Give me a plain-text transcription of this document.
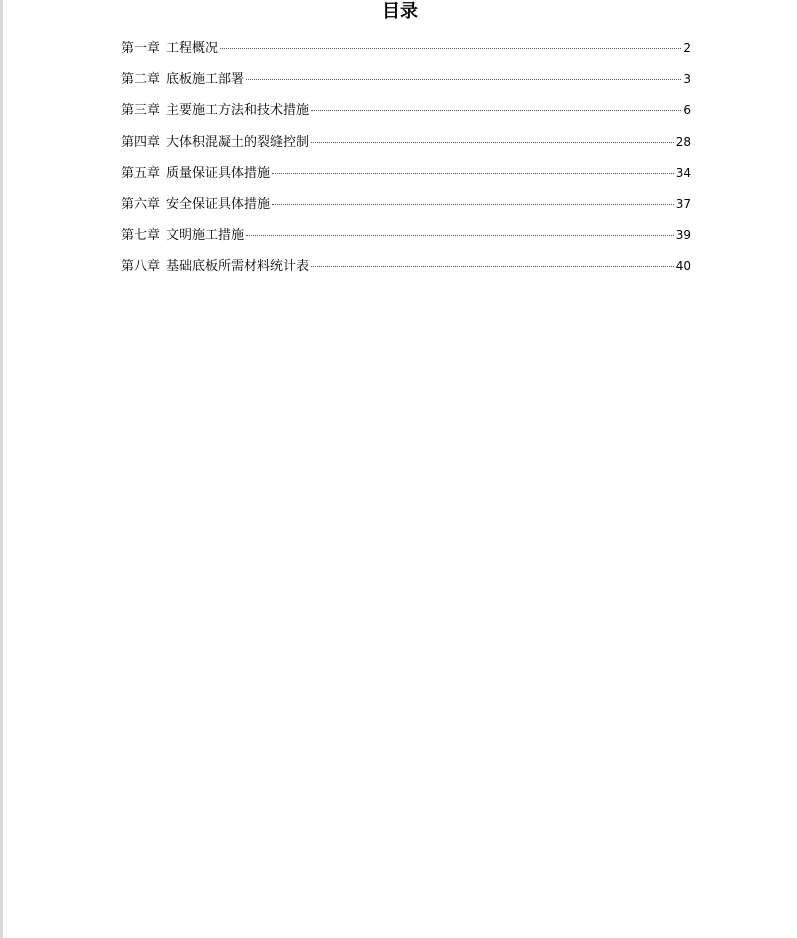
目录
第一章 工程概况	2
第二章 底板施工部署	3
第三章 主要施工方法和技术措施	6
第四章 大体积混凝土的裂缝控制	28
第五章 质量保证具体措施	34
第六章 安全保证具体措施	37
第七章 文明施工措施	39
第八章 基础底板所需材料统计表	40
